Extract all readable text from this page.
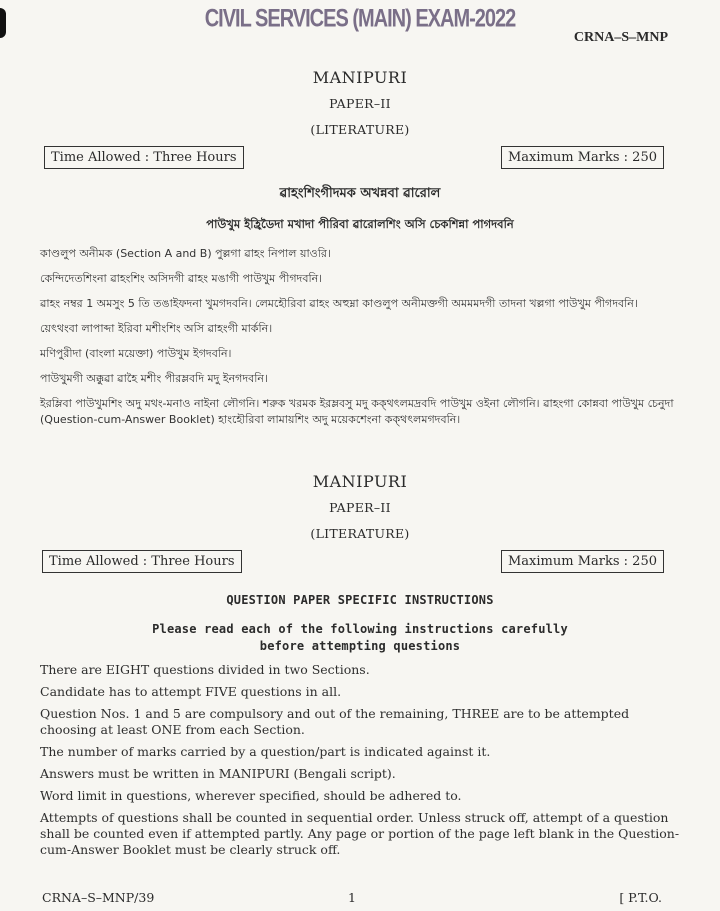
CIVIL SERVICES (MAIN) EXAM-2022
CRNA–S–MNP
MANIPURI
PAPER–II
(LITERATURE)
Time Allowed : Three Hours	Maximum Marks : 250
ৱাহংশিংগীদমক অখন্নবা ৱারোল
পাউখুম ইহ্রিডৈদা মখাদা পীরিবা ৱারোলশিং অসি চেকশিন্না পাগদবনি
কাণ্ডলুপ অনীমক (Section A and B) পুল্লগা ৱাহং নিপাল য়াওরি।
কেন্দিদেতশিংনা ৱাহংশিং অসিদগী ৱাহং মঙাগী পাউখুম পীগদবনি।
ৱাহং নম্বর 1 অমসুং 5 তি তঙাইফদনা খুমগদবনি। লেমহৌরিবা ৱাহং অহুম্না কাণ্ডলুপ অনীমক্তগী অমমমদগী তাদনা খল্লগা পাউখুম পীগদবনি।
য়েৎথংবা লাপাব্দা ইরিবা মশীংশিং অসি ৱাহংগী মার্কনি।
মণিপুরীদা (বাংলা ময়েক্তা) পাউখুম ইগদবনি।
পাউখুমগী অক্কুৱা ৱাহৈ মশীং পীরম্লবদি মদু ইনগদবনি।
ইরম্লিবা পাউখুমশিং অদু মথং-মনাও নাইনা লৌগনি। শরুক খরমক ইরম্লবসু মদু কক্থৎলমদ্রবদি পাউখুম ওইনা লৌগনি। ৱাহংগা কোন্নবা পাউখুম চেনুদা (Question-cum-Answer Booklet) হাংহৌরিবা লামায়শিং অদু ময়েকশেংনা কক্থৎলমগদবনি।
MANIPURI
PAPER–II
(LITERATURE)
Time Allowed : Three Hours	Maximum Marks : 250
QUESTION PAPER SPECIFIC INSTRUCTIONS
Please read each of the following instructions carefully
before attempting questions
There are EIGHT questions divided in two Sections.
Candidate has to attempt FIVE questions in all.
Question Nos. 1 and 5 are compulsory and out of the remaining, THREE are to be attempted choosing at least ONE from each Section.
The number of marks carried by a question/part is indicated against it.
Answers must be written in MANIPURI (Bengali script).
Word limit in questions, wherever specified, should be adhered to.
Attempts of questions shall be counted in sequential order. Unless struck off, attempt of a question shall be counted even if attempted partly. Any page or portion of the page left blank in the Question-cum-Answer Booklet must be clearly struck off.
CRNA–S–MNP/39	1	[ P.T.O.
